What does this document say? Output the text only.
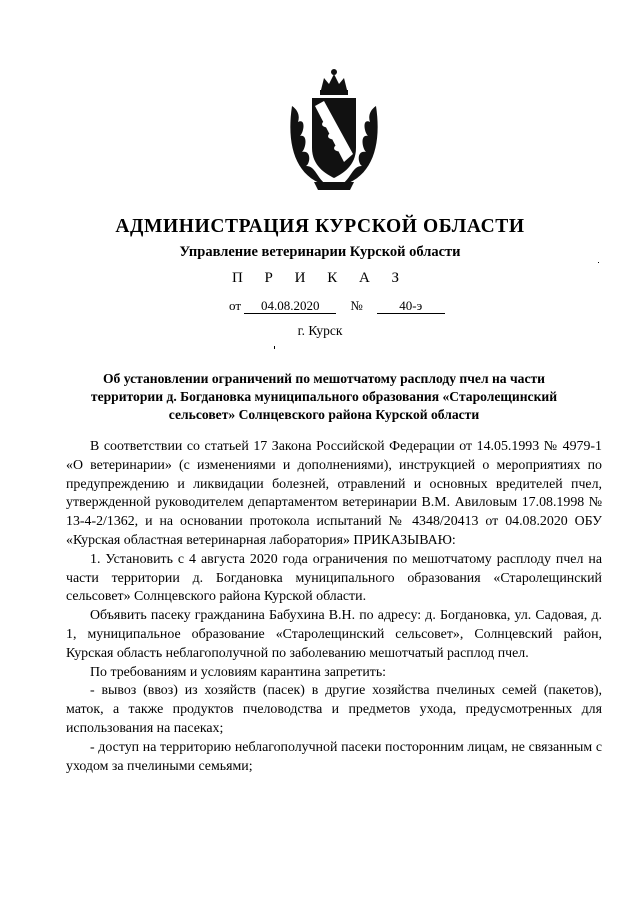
АДМИНИСТРАЦИЯ КУРСКОЙ ОБЛАСТИ
Управление ветеринарии Курской области
П Р И К А З
от 04.08.2020 №	40-э
г. Курск
Об установлении ограничений по мешотчатому расплоду пчел на части территории д. Богдановка муниципального образования «Старолещинский сельсовет» Солнцевского района Курской области

В соответствии со статьей 17 Закона Российской Федерации от 14.05.1993 № 4979-1 «О ветеринарии» (с изменениями и дополнениями), инструкцией о мероприятиях по предупреждению и ликвидации болезней, отравлений и основных вредителей пчел, утвержденной руководителем департаментом ветеринарии В.М. Авиловым 17.08.1998 № 13-4-2/1362, и на основании протокола испытаний № 4348/20413 от 04.08.2020 ОБУ «Курская областная ветеринарная лаборатория» ПРИКАЗЫВАЮ:

1. Установить с 4 августа 2020 года ограничения по мешотчатому расплоду пчел на части территории д. Богдановка муниципального образования «Старолещинский сельсовет» Солнцевского района Курской области.

Объявить пасеку гражданина Бабухина В.Н. по адресу: д. Богдановка, ул. Садовая, д. 1, муниципальное образование «Старолещинский сельсовет», Солнцевский район, Курская область неблагополучной по заболеванию мешотчатый расплод пчел.

По требованиям и условиям карантина запретить:

- вывоз (ввоз) из хозяйств (пасек) в другие хозяйства пчелиных семей (пакетов), маток, а также продуктов пчеловодства и предметов ухода, предусмотренных для использования на пасеках;

- доступ на территорию неблагополучной пасеки посторонним лицам, не связанным с уходом за пчелиными семьями;
